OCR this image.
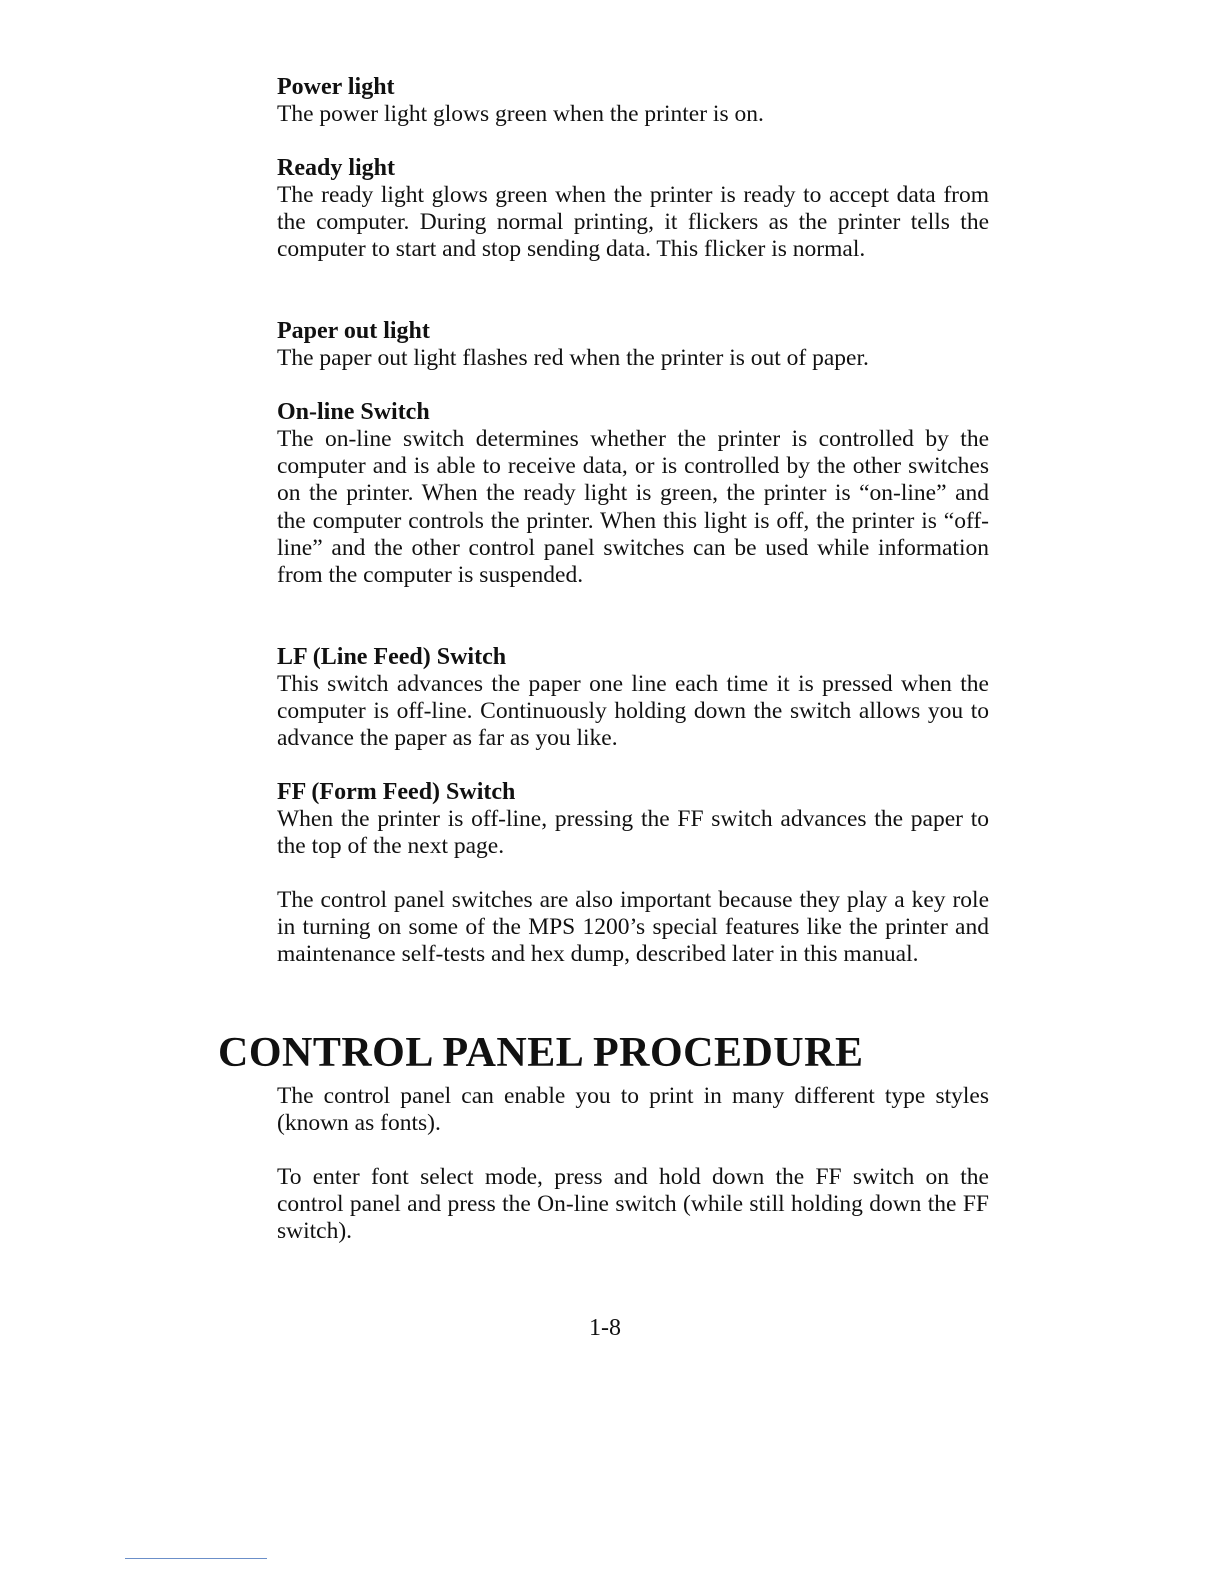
Power light

The power light glows green when the printer is on.

Ready light

The ready light glows green when the printer is ready to accept data from the computer. During normal printing, it flickers as the printer tells the computer to start and stop sending data. This flicker is normal.

Paper out light

The paper out light flashes red when the printer is out of paper.

On-line Switch

The on-line switch determines whether the printer is controlled by the computer and is able to receive data, or is controlled by the other switches on the printer. When the ready light is green, the printer is “on-line” and the computer controls the printer. When this light is off, the printer is “off-line” and the other control panel switches can be used while information from the computer is suspended.

LF (Line Feed) Switch

This switch advances the paper one line each time it is pressed when the computer is off-line. Continuously holding down the switch allows you to advance the paper as far as you like.

FF (Form Feed) Switch

When the printer is off-line, pressing the FF switch advances the paper to the top of the next page.

The control panel switches are also important because they play a key role in turning on some of the MPS 1200’s special features like the printer and maintenance self-tests and hex dump, described later in this manual.

CONTROL PANEL PROCEDURE

The control panel can enable you to print in many different type styles (known as fonts).

To enter font select mode, press and hold down the FF switch on the control panel and press the On-line switch (while still holding down the FF switch).

1-8
